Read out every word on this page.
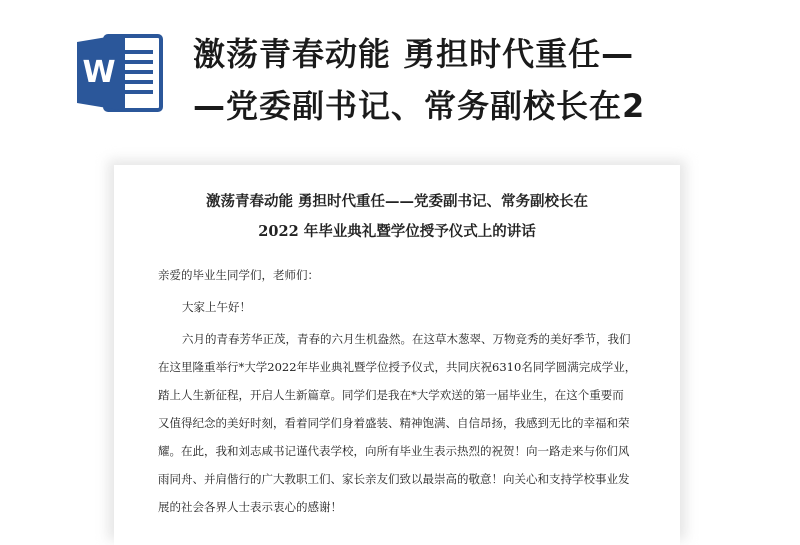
W 激荡青春动能 勇担时代重任—
—党委副书记、常务副校长在2
激荡青春动能 勇担时代重任——党委副书记、常务副校长在
2022 年毕业典礼暨学位授予仪式上的讲话

亲爱的毕业生同学们，老师们：

大家上午好！

六月的青春芳华正茂，青春的六月生机盎然。在这草木葱翠、万物竞秀的美好季节，我们
在这里隆重举行*大学2022年毕业典礼暨学位授予仪式，共同庆祝6310名同学圆满完成学业，
踏上人生新征程，开启人生新篇章。同学们是我在*大学欢送的第一届毕业生，在这个重要而
又值得纪念的美好时刻，看着同学们身着盛装、精神饱满、自信昂扬，我感到无比的幸福和荣
耀。在此，我和刘志咸书记谨代表学校，向所有毕业生表示热烈的祝贺！向一路走来与你们风
雨同舟、并肩偕行的广大教职工们、家长亲友们致以最崇高的敬意！向关心和支持学校事业发
展的社会各界人士表示衷心的感谢！
